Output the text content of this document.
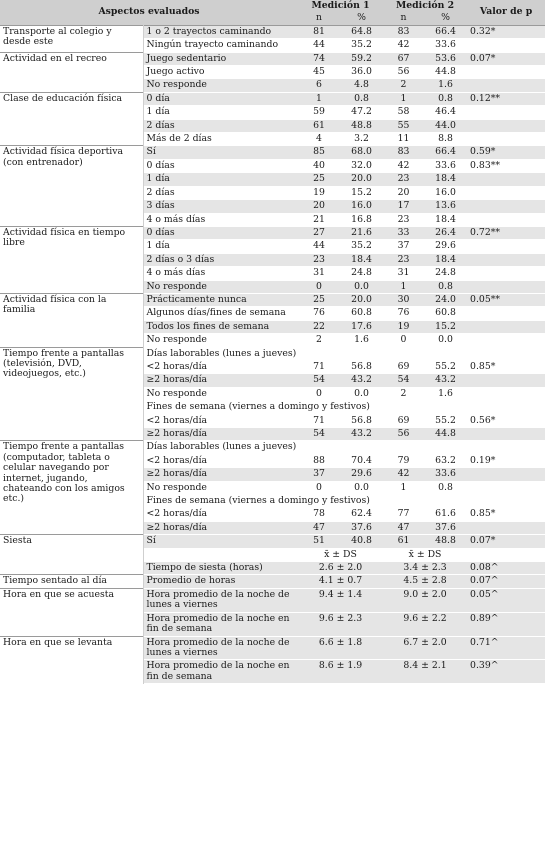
Aspectos evaluados		Medición 1		Medición 2		Valor de p
		n	%	n	%	
Transporte al colegio y desde este	1 o 2 trayectos caminando	81	64.8	83	66.4	0.32*
	Ningún trayecto caminando	44	35.2	42	33.6	
Actividad en el recreo	Juego sedentario	74	59.2	67	53.6	0.07*
	Juego activo	45	36.0	56	44.8	
	No responde	6	4.8	2	1.6	
Clase de educación física	0 día	1	0.8	1	0.8	0.12**
	1 día	59	47.2	58	46.4	
	2 días	61	48.8	55	44.0	
	Más de 2 días	4	3.2	11	8.8	
Actividad física deportiva (con entrenador)	Sí	85	68.0	83	66.4	0.59*
	0 días	40	32.0	42	33.6	0.83**
	1 día	25	20.0	23	18.4	
	2 días	19	15.2	20	16.0	
	3 días	20	16.0	17	13.6	
	4 o más días	21	16.8	23	18.4	
Actividad física en tiempo libre	0 días	27	21.6	33	26.4	0.72**
	1 día	44	35.2	37	29.6	
	2 días o 3 días	23	18.4	23	18.4	
	4 o más días	31	24.8	31	24.8	
	No responde	0	0.0	1	0.8	
Actividad física con la familia	Prácticamente nunca	25	20.0	30	24.0	0.05**
	Algunos días/fines de semana	76	60.8	76	60.8	
	Todos los fines de semana	22	17.6	19	15.2	
	No responde	2	1.6	0	0.0	
Tiempo frente a pantallas (televisión, DVD, videojuegos, etc.)	Días laborables (lunes a jueves)					
	<2 horas/día	71	56.8	69	55.2	0.85*
	≥2 horas/día	54	43.2	54	43.2	
	No responde	0	0.0	2	1.6	
	Fines de semana (viernes a domingo y festivos)					
	<2 horas/día	71	56.8	69	55.2	0.56*
	≥2 horas/día	54	43.2	56	44.8	
Tiempo frente a pantallas (computador, tableta o celular navegando por internet, jugando, chateando con los amigos etc.)	Días laborables (lunes a jueves)					
	<2 horas/día	88	70.4	79	63.2	0.19*
	≥2 horas/día	37	29.6	42	33.6	
	No responde	0	0.0	1	0.8	
	Fines de semana (viernes a domingo y festivos)					
	<2 horas/día	78	62.4	77	61.6	0.85*
	≥2 horas/día	47	37.6	47	37.6	
Siesta	Sí	51	40.8	61	48.8	0.07*
		x̄ ± DS		x̄ ± DS		
	Tiempo de siesta (horas)	2.6 ± 2.0		3.4 ± 2.3		0.08^
Tiempo sentado al día	Promedio de horas	4.1 ± 0.7		4.5 ± 2.8		0.07^
Hora en que se acuesta	Hora promedio de la noche de lunes a viernes	9.4 ± 1.4		9.0 ± 2.0		0.05^
	Hora promedio de la noche en fin de semana	9.6 ± 2.3		9.6 ± 2.2		0.89^
Hora en que se levanta	Hora promedio de la noche de lunes a viernes	6.6 ± 1.8		6.7 ± 2.0		0.71^
	Hora promedio de la noche en fin de semana	8.6 ± 1.9		8.4 ± 2.1		0.39^
